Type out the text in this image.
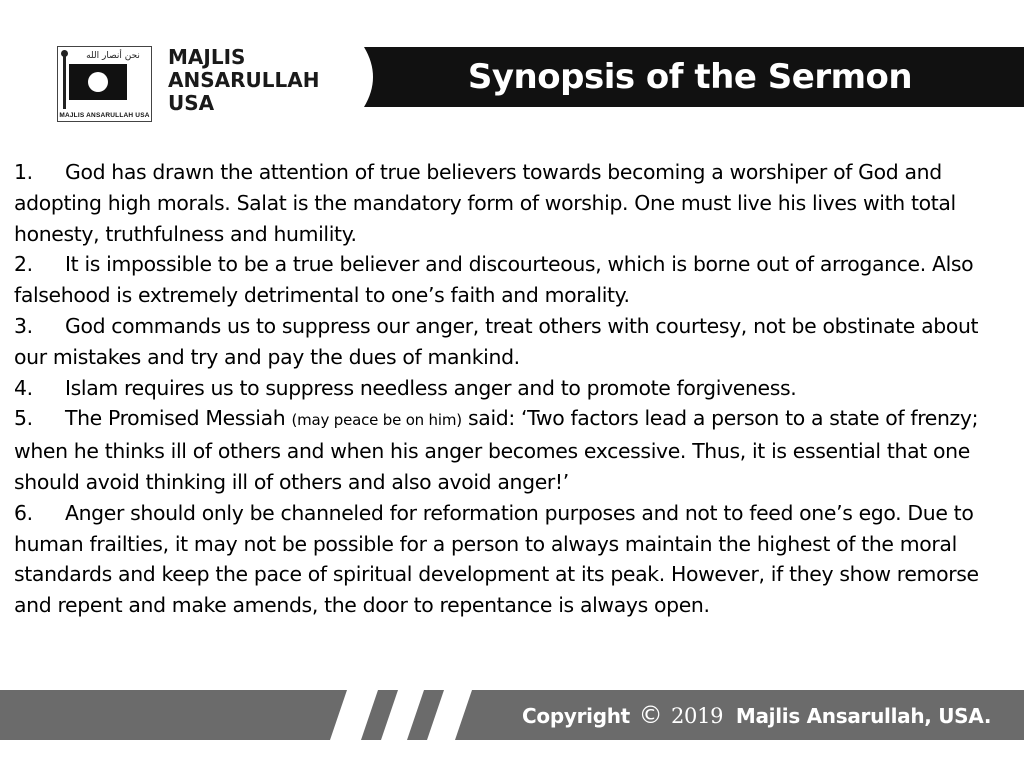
نحن أنصار الله
MAJLIS ANSARULLAH USA
MAJLIS
ANSARULLAH
USA
Synopsis of the Sermon

1. God has drawn the attention of true believers towards becoming a worshiper of God and adopting high morals. Salat is the mandatory form of worship. One must live his lives with total honesty, truthfulness and humility.

2. It is impossible to be a true believer and discourteous, which is borne out of arrogance. Also falsehood is extremely detrimental to one’s faith and morality.

3. God commands us to suppress our anger, treat others with courtesy, not be obstinate about our mistakes and try and pay the dues of mankind.

4. Islam requires us to suppress needless anger and to promote forgiveness.

5. The Promised Messiah (may peace be on him) said: ‘Two factors lead a person to a state of frenzy; when he thinks ill of others and when his anger becomes excessive. Thus, it is essential that one should avoid thinking ill of others and also avoid anger!’

6. Anger should only be channeled for reformation purposes and not to feed one’s ego. Due to human frailties, it may not be possible for a person to always maintain the highest of the moral standards and keep the pace of spiritual development at its peak. However, if they show remorse and repent and make amends, the door to repentance is always open.

Copyright © 2019 Majlis Ansarullah, USA.
